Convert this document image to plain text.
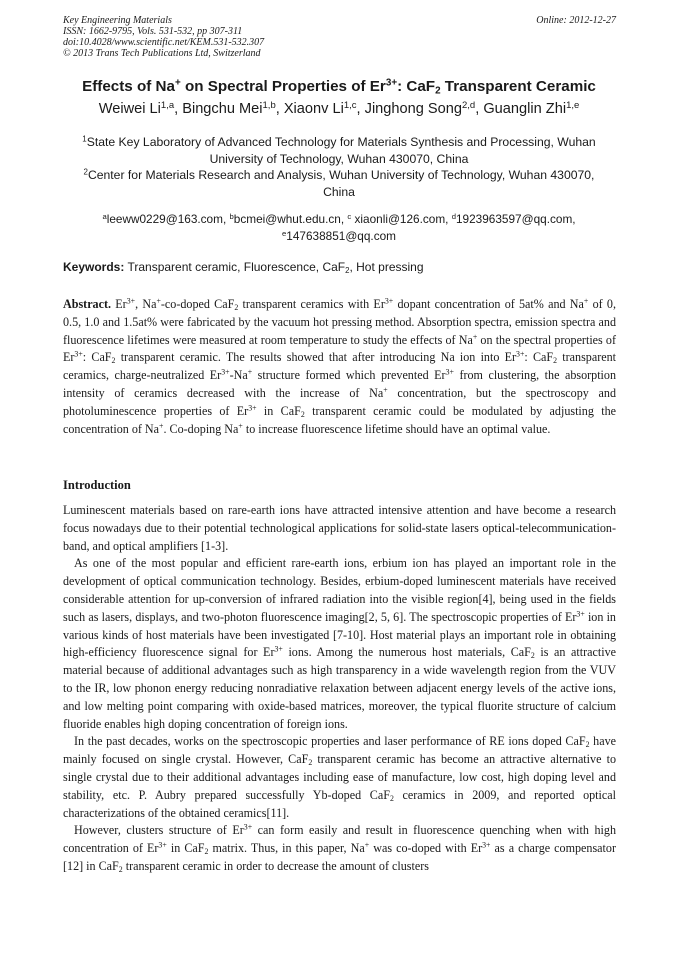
Key Engineering Materials
ISSN: 1662-9795, Vols. 531-532, pp 307-311
doi:10.4028/www.scientific.net/KEM.531-532.307
© 2013 Trans Tech Publications Ltd, Switzerland
Online: 2012-12-27
Effects of Na+ on Spectral Properties of $Er^{3+}$: CaF$_2$ Transparent Ceramic
Weiwei Li$^{1,a}$, Bingchu Mei$^{1,b}$, Xiaonv Li$^{1,c}$, Jinghong Song$^{2,d}$, Guanglin Zhi$^{1,e}$
$^1$State Key Laboratory of Advanced Technology for Materials Synthesis and Processing, Wuhan University of Technology, Wuhan 430070, China
$^2$Center for Materials Research and Analysis, Wuhan University of Technology, Wuhan 430070, China
$^a$leeww0229@163.com, $^b$bcmei@whut.edu.cn, $^c$ xiaonli@126.com, $^d$1923963597@qq.com,
$^e$147638851@qq.com
Keywords: Transparent ceramic, Fluorescence, CaF$_2$, Hot pressing

Abstract. $Er^{3+}$, Na+-co-doped CaF$_2$ transparent ceramics with $Er^{3+}$ dopant concentration of 5at% and Na+ of 0, 0.5, 1.0 and 1.5at% were fabricated by the vacuum hot pressing method. Absorption spectra, emission spectra and fluorescence lifetimes were measured at room temperature to study the effects of Na+ on the spectral properties of $Er^{3+}$: CaF$_2$ transparent ceramic. The results showed that after introducing Na ion into $Er^{3+}$: CaF$_2$ transparent ceramics, charge-neutralized $Er^{3+}-Na^+$ structure formed which prevented $Er^{3+}$ from clustering, the absorption intensity of ceramics decreased with the increase of Na+ concentration, but the spectroscopy and photoluminescence properties of $Er^{3+}$ in CaF$_2$ transparent ceramic could be modulated by adjusting the concentration of Na+. Co-doping Na+ to increase fluorescence lifetime should have an optimal value.

Introduction

Luminescent materials based on rare-earth ions have attracted intensive attention and have become a research focus nowadays due to their potential technological applications for solid-state lasers optical-telecommunication-band, and optical amplifiers [1-3].

As one of the most popular and efficient rare-earth ions, erbium ion has played an important role in the development of optical communication technology. Besides, erbium-doped luminescent materials have received considerable attention for up-conversion of infrared radiation into the visible region[4], being used in the fields such as lasers, displays, and two-photon fluorescence imaging[2, 5, 6]. The spectroscopic properties of $Er^{3+}$ ion in various kinds of host materials have been investigated [7-10]. Host material plays an important role in obtaining high-efficiency fluorescence signal for $Er^{3+}$ ions. Among the numerous host materials, CaF$_2$ is an attractive material because of additional advantages such as high transparency in a wide wavelength region from the VUV to the IR, low phonon energy reducing nonradiative relaxation between adjacent energy levels of the active ions, and low melting point comparing with oxide-based matrices, moreover, the typical fluorite structure of calcium fluoride enables high doping concentration of foreign ions.

In the past decades, works on the spectroscopic properties and laser performance of RE ions doped CaF$_2$ have mainly focused on single crystal. However, CaF$_2$ transparent ceramic has become an attractive alternative to single crystal due to their additional advantages including ease of manufacture, low cost, high doping level and stability, etc. P. Aubry prepared successfully Yb-doped CaF$_2$ ceramics in 2009, and reported optical characterizations of the obtained ceramics[11].

However, clusters structure of $Er^{3+}$ can form easily and result in fluorescence quenching when with high concentration of $Er^{3+}$ in CaF$_2$ matrix. Thus, in this paper, Na+ was co-doped with $Er^{3+}$ as a charge compensator [12] in CaF$_2$ transparent ceramic in order to decrease the amount of clusters
